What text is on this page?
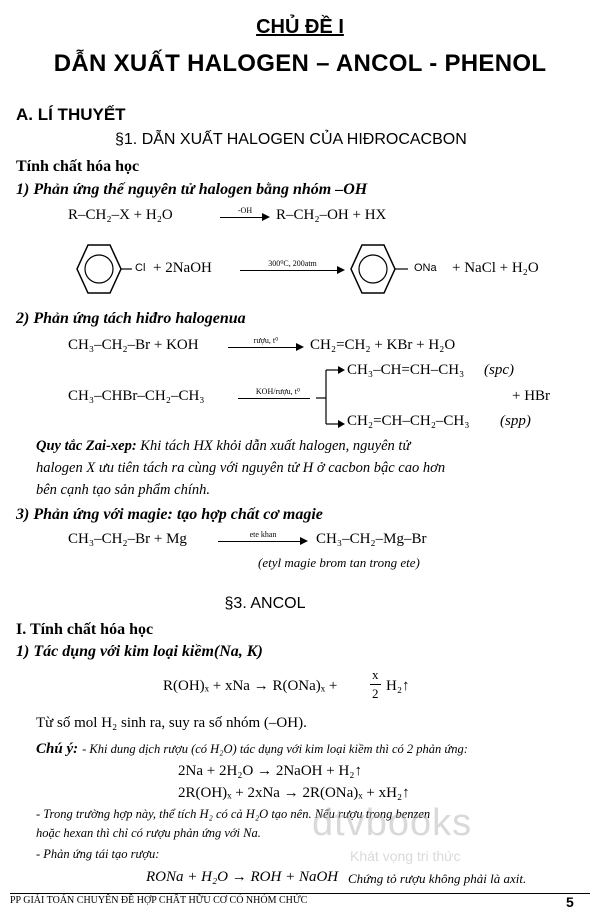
CHỦ ĐỀ I
DẪN XUẤT HALOGEN – ANCOL - PHENOL
A. LÍ THUYẾT
§1. DẪN XUẤT HALOGEN CỦA HIĐROCACBON
Tính chất hóa học
1) Phản ứng thế nguyên tử halogen bằng nhóm –OH
R–CH₂–X + H₂O	-OH	R–CH₂–OH + HX
Cl + 2NaOH	300⁰C, 200atm	ONa + NaCl + H₂O
2) Phản ứng tách hiđro halogenua
CH₃–CH₂–Br + KOH	rượu, t⁰	CH₂=CH₂ + KBr + H₂O
CH₃–CHBr–CH₂–CH₃	KOH/rượu, t⁰
CH₃–CH=CH–CH₃ (spc)
+ HBr
CH₂=CH–CH₂–CH₃ (spp)
Quy tắc Zai-xep: Khi tách HX khỏi dẫn xuất halogen, nguyên tử
halogen X ưu tiên tách ra cùng với nguyên tử H ở cacbon bậc cao hơn
bên cạnh tạo sản phẩm chính.
3) Phản ứng với magie: tạo hợp chất cơ magie
CH₃–CH₂–Br + Mg	ete khan	CH₃–CH₂–Mg–Br
(etyl magie brom tan trong ete)
§3. ANCOL
I. Tính chất hóa học
1) Tác dụng với kim loại kiềm(Na, K)
R(OH)ₓ + xNa → R(ONa)ₓ +
x
2 H₂↑
Từ số mol H₂ sinh ra, suy ra số nhóm (–OH).
Chú ý: - Khi dung dịch rượu (có H₂O) tác dụng với kim loại kiềm thì có 2 phản ứng:
2Na + 2H₂O → 2NaOH + H₂↑
2R(OH)ₓ + 2xNa → 2R(ONa)ₓ + xH₂↑
- Trong trường hợp này, thể tích H₂ có cả H₂O tạo nên. Nếu rượu trong benzen
hoặc hexan thì chỉ có rượu phản ứng với Na.
- Phản ứng tái tạo rượu:
RONa + H₂O → ROH + NaOH Chứng tỏ rượu không phải là axit.
dtvbooks
Khát vọng tri thức
PP GIẢI TOÁN CHUYÊN ĐỀ HỢP CHẤT HỮU CƠ CÓ NHÓM CHỨC	5
